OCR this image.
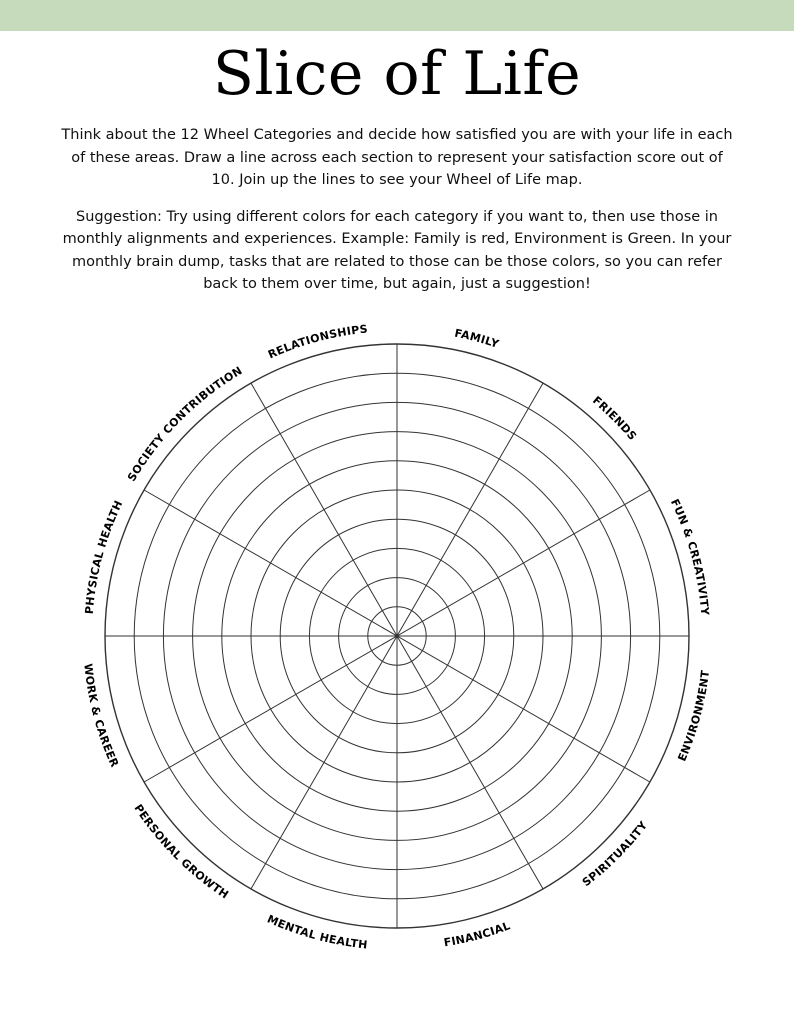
Slice of Life

Think about the 12 Wheel Categories and decide how satisfied you are with your life in each of these areas. Draw a line across each section to represent your satisfaction score out of 10. Join up the lines to see your Wheel of Life map.

Suggestion: Try using different colors for each category if you want to, then use those in monthly alignments and experiences. Example: Family is red, Environment is Green. In your monthly brain dump, tasks that are related to those can be those colors, so you can refer back to them over time, but again, just a suggestion!

FAMILY
FRIENDS
FUN & CREATIVITY
ENVIRONMENT
SPIRITUALITY
FINANCIAL
MENTAL HEALTH
PERSONAL GROWTH
WORK & CAREER
PHYSICAL HEALTH
SOCIETY CONTRIBUTION
RELATIONSHIPS
